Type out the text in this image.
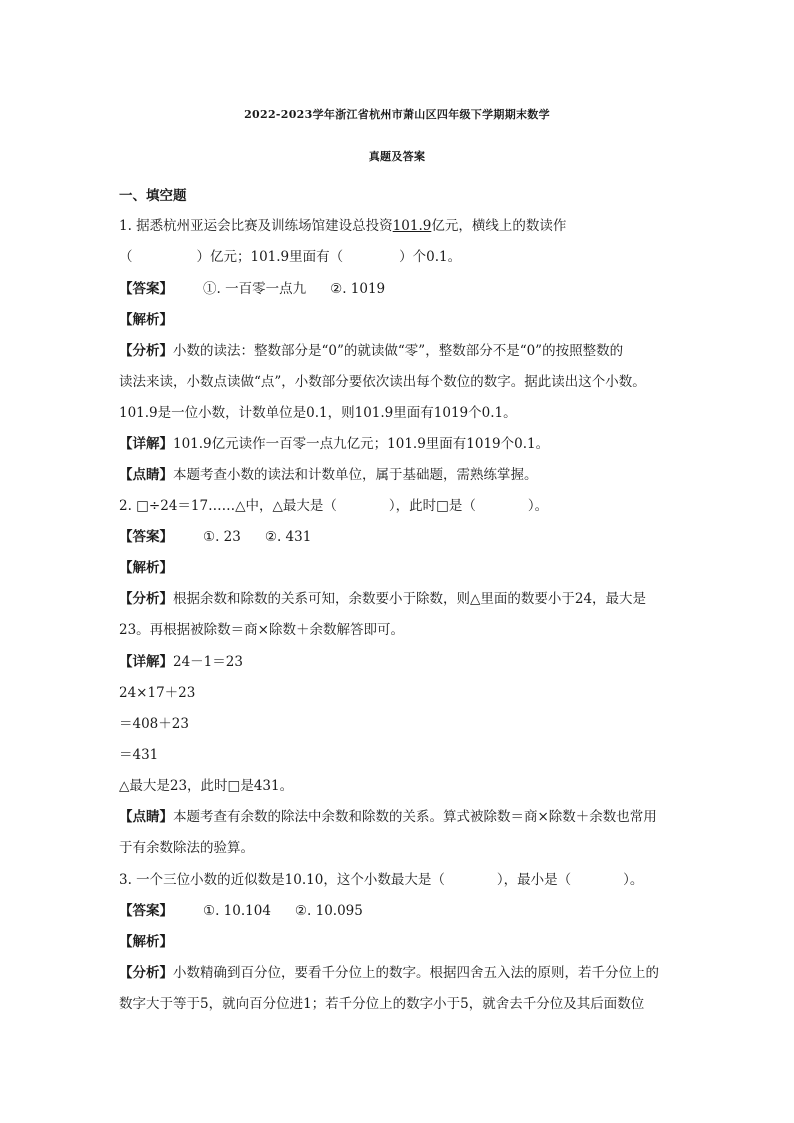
2022-2023学年浙江省杭州市萧山区四年级下学期期末数学
真题及答案
一、填空题
1. 据悉杭州亚运会比赛及训练场馆建设总投资101.9亿元，横线上的数读作
（	）亿元；101.9里面有（	）个0.1。
【答案】 ①. 一百零一点九 ②. 1019
【解析】
【分析】小数的读法：整数部分是“0”的就读做“零”，整数部分不是“0”的按照整数的
读法来读，小数点读做“点”，小数部分要依次读出每个数位的数字。据此读出这个小数。
101.9是一位小数，计数单位是0.1，则101.9里面有1019个0.1。
【详解】101.9亿元读作一百零一点九亿元；101.9里面有1019个0.1。
【点睛】本题考查小数的读法和计数单位，属于基础题，需熟练掌握。
2. □÷24＝17……△中，△最大是（	），此时□是（	）。
【答案】 ①. 23 ②. 431
【解析】
【分析】根据余数和除数的关系可知，余数要小于除数，则△里面的数要小于24，最大是
23。再根据被除数＝商×除数＋余数解答即可。
【详解】24－1＝23
24×17＋23
＝408＋23
＝431
△最大是23，此时□是431。
【点睛】本题考查有余数的除法中余数和除数的关系。算式被除数＝商×除数＋余数也常用
于有余数除法的验算。
3. 一个三位小数的近似数是10.10，这个小数最大是（	），最小是（	）。
【答案】 ①. 10.104 ②. 10.095
【解析】
【分析】小数精确到百分位，要看千分位上的数字。根据四舍五入法的原则，若千分位上的
数字大于等于5，就向百分位进1；若千分位上的数字小于5，就舍去千分位及其后面数位
